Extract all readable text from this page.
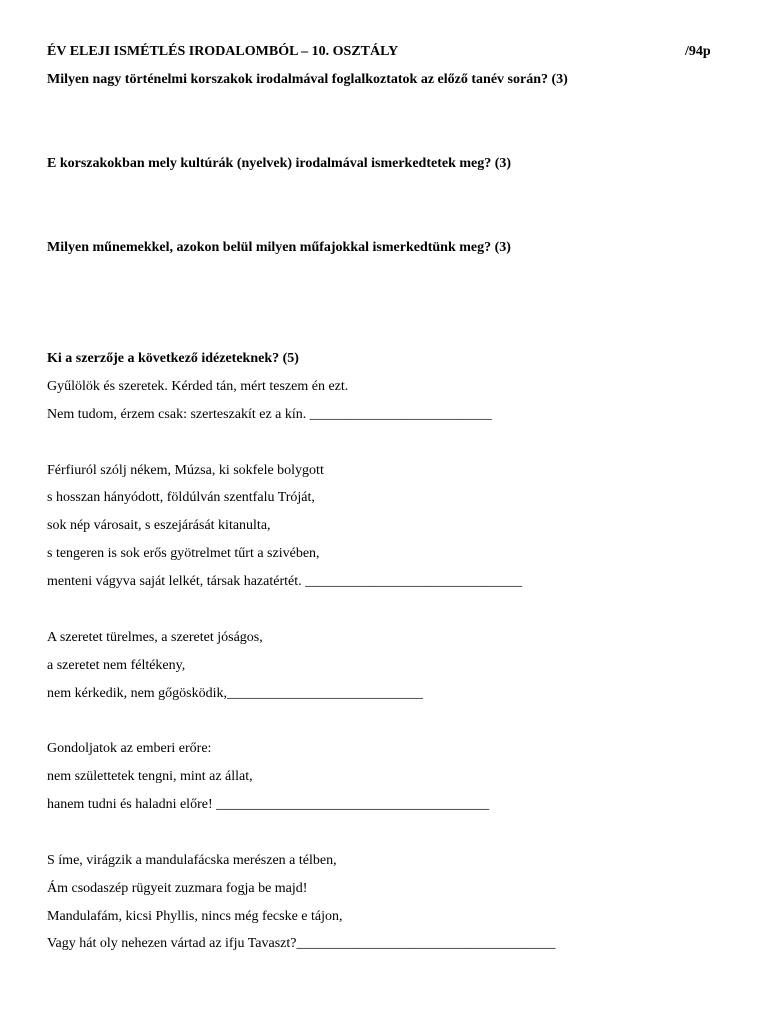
ÉV ELEJI ISMÉTLÉS IRODALOMBÓL – 10. OSZTÁLY
Milyen nagy történelmi korszakok irodalmával foglalkoztatok az előző tanév során? (3)
E korszakokban mely kultúrák (nyelvek) irodalmával ismerkedtetek meg? (3)
Milyen műnemekkel, azokon belül milyen műfajokkal ismerkedtünk meg? (3)
Ki a szerzője a következő idézeteknek? (5)
Gyűlölök és szeretek. Kérded tán, mért teszem én ezt.
Nem tudom, érzem csak: szerteszakít ez a kín. __________________________
Férfiuról szólj nékem, Múzsa, ki sokfele bolygott
s hosszan hányódott, földúlván szentfalu Tróját,
sok nép városait, s eszejárását kitanulta,
s tengeren is sok erős gyötrelmet tűrt a szivében,
menteni vágyva saját lelkét, társak hazatértét. _______________________________
A szeretet türelmes, a szeretet jóságos,
a szeretet nem féltékeny,
nem kérkedik, nem gőgösködik,____________________________
Gondoljatok az emberi erőre:
nem születtetek tengni, mint az állat,
hanem tudni és haladni előre! _______________________________________
S íme, virágzik a mandulafácska merészen a télben,
Ám csodaszép rügyeit zuzmara fogja be majd!
Mandulafám, kicsi Phyllis, nincs még fecske e tájon,
Vagy hát oly nehezen vártad az ifju Tavaszt?_____________________________________
/94p
